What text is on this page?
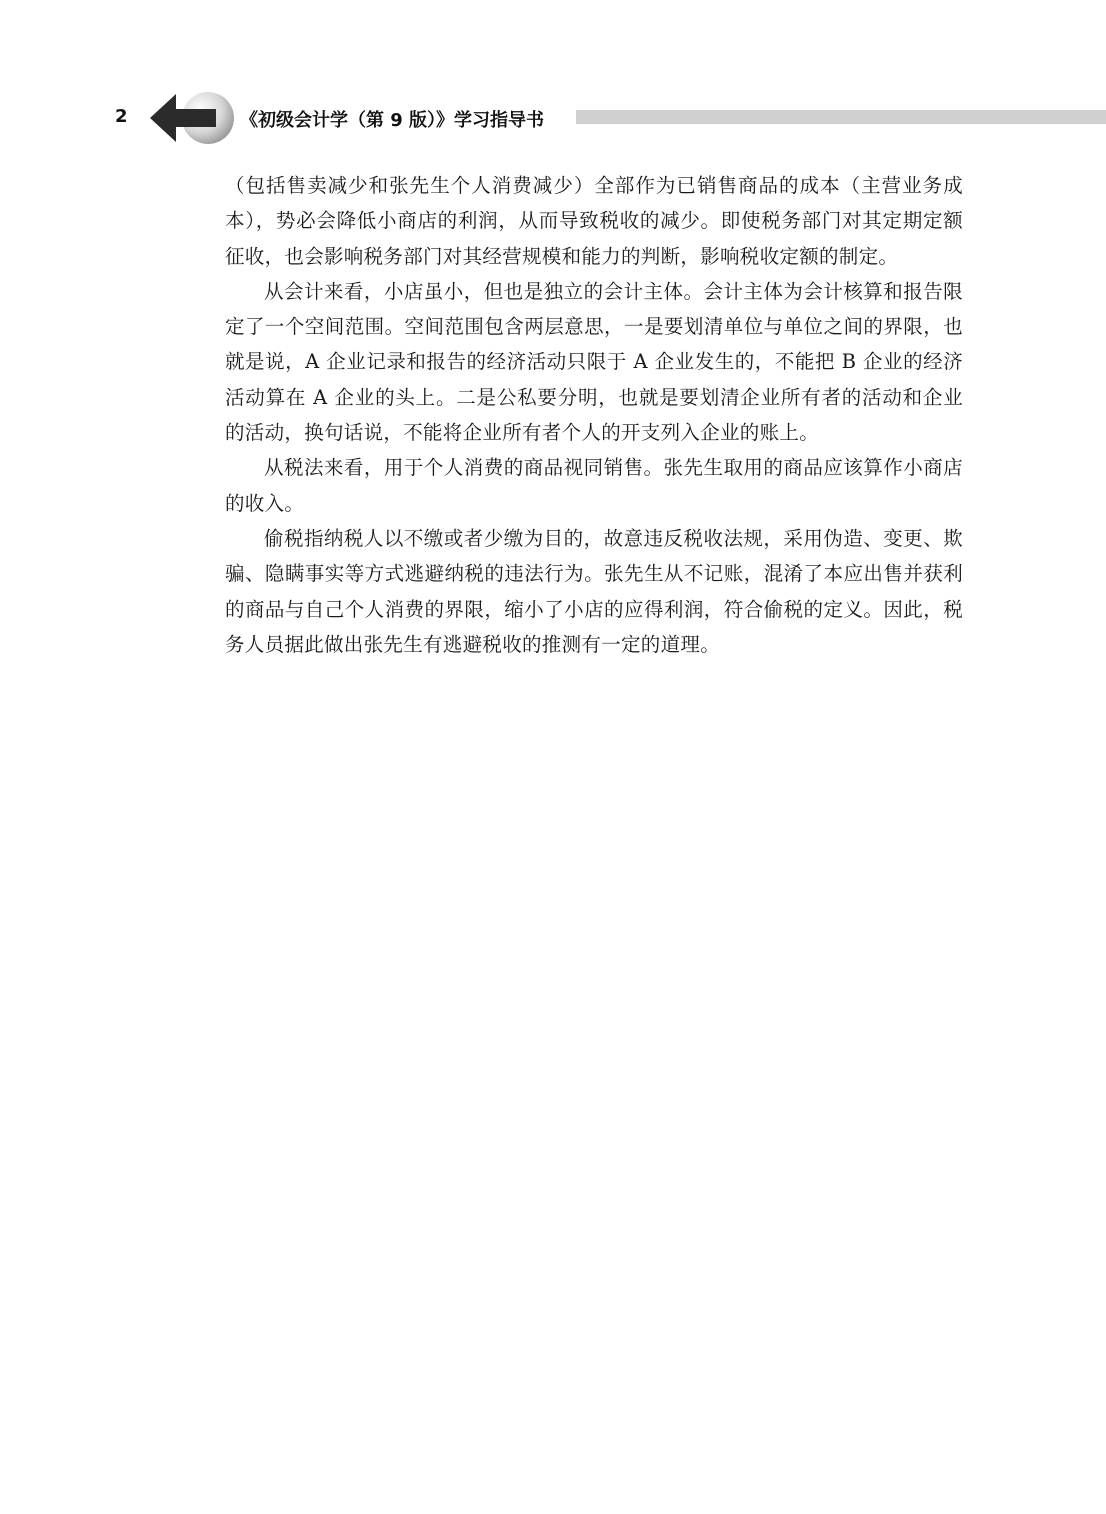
2	《初级会计学（第 9 版）》学习指导书

（包括售卖减少和张先生个人消费减少）全部作为已销售商品的成本（主营业务成本），势必会降低小商店的利润，从而导致税收的减少。即使税务部门对其定期定额征收，也会影响税务部门对其经营规模和能力的判断，影响税收定额的制定。

从会计来看，小店虽小，但也是独立的会计主体。会计主体为会计核算和报告限定了一个空间范围。空间范围包含两层意思，一是要划清单位与单位之间的界限，也就是说，A 企业记录和报告的经济活动只限于 A 企业发生的，不能把 B 企业的经济活动算在 A 企业的头上。二是公私要分明，也就是要划清企业所有者的活动和企业的活动，换句话说，不能将企业所有者个人的开支列入企业的账上。

从税法来看，用于个人消费的商品视同销售。张先生取用的商品应该算作小商店的收入。

偷税指纳税人以不缴或者少缴为目的，故意违反税收法规，采用伪造、变更、欺骗、隐瞒事实等方式逃避纳税的违法行为。张先生从不记账，混淆了本应出售并获利的商品与自己个人消费的界限，缩小了小店的应得利润，符合偷税的定义。因此，税务人员据此做出张先生有逃避税收的推测有一定的道理。
